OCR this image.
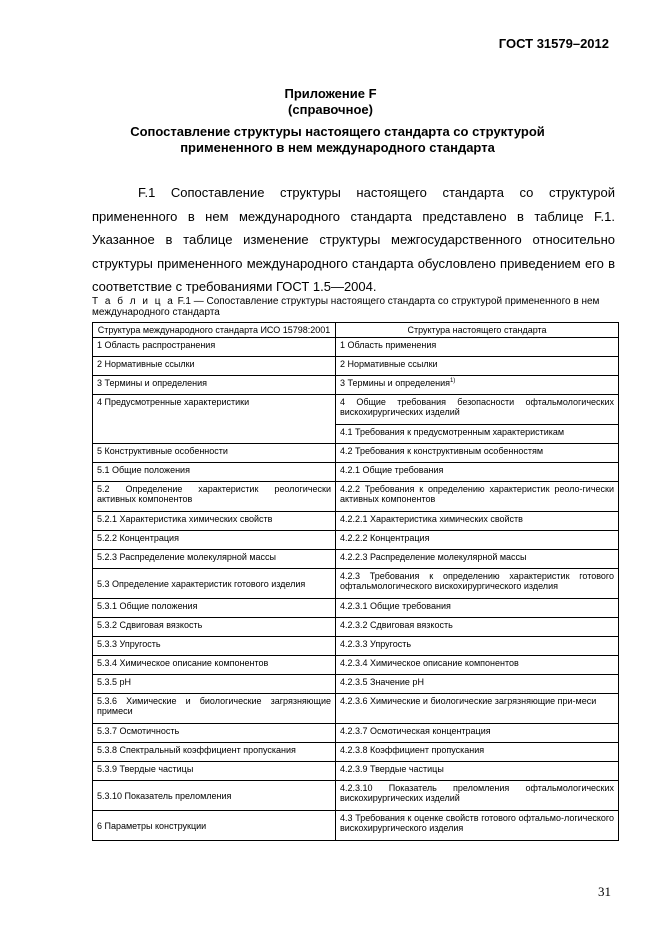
ГОСТ 31579–2012
Приложение F
(справочное)
Сопоставление структуры настоящего стандарта со структурой
примененного в нем международного стандарта

F.1 Сопоставление структуры настоящего стандарта со структурой примененного в нем международного стандарта представлено в таблице F.1. Указанное в таблице изменение структуры межгосударственного относительно структуры примененного международного стандарта обусловлено приведением его в соответствие с требованиями ГОСТ 1.5—2004.

Т а б л и ц а F.1 — Сопоставление структуры настоящего стандарта со структурой примененного в нем международного стандарта
Структура международного стандарта ИСО 15798:2001	Структура настоящего стандарта
1 Область распространения	1 Область применения
2 Нормативные ссылки	2 Нормативные ссылки
3 Термины и определения	3 Термины и определения$^{1)}$
4 Предусмотренные характеристики	4 Общие требования безопасности офтальмологических вискохирургических изделий
	4.1 Требования к предусмотренным характеристикам
5 Конструктивные особенности	4.2 Требования к конструктивным особенностям
5.1 Общие положения	4.2.1 Общие требования
5.2 Определение характеристик реологически активных компонентов	4.2.2 Требования к определению характеристик реоло-гически активных компонентов
5.2.1 Характеристика химических свойств	4.2.2.1 Характеристика химических свойств
5.2.2 Концентрация	4.2.2.2 Концентрация
5.2.3 Распределение молекулярной массы	4.2.2.3 Распределение молекулярной массы
5.3 Определение характеристик готового изделия	4.2.3 Требования к определению характеристик готового офтальмологического вискохирургического изделия
5.3.1 Общие положения	4.2.3.1 Общие требования
5.3.2 Сдвиговая вязкость	4.2.3.2 Сдвиговая вязкость
5.3.3 Упругость	4.2.3.3 Упругость
5.3.4 Химическое описание компонентов	4.2.3.4 Химическое описание компонентов
5.3.5 pH	4.2.3.5 Значение pH
5.3.6 Химические и биологические загрязняющие примеси	4.2.3.6 Химические и биологические загрязняющие при-меси
5.3.7 Осмотичность	4.2.3.7 Осмотическая концентрация
5.3.8 Спектральный коэффициент пропускания	4.2.3.8 Коэффициент пропускания
5.3.9 Твердые частицы	4.2.3.9 Твердые частицы
5.3.10 Показатель преломления	4.2.3.10 Показатель преломления офтальмологических вискохирургических изделий
6 Параметры конструкции	4.3 Требования к оценке свойств готового офтальмо-логического вискохирургического изделия
31
